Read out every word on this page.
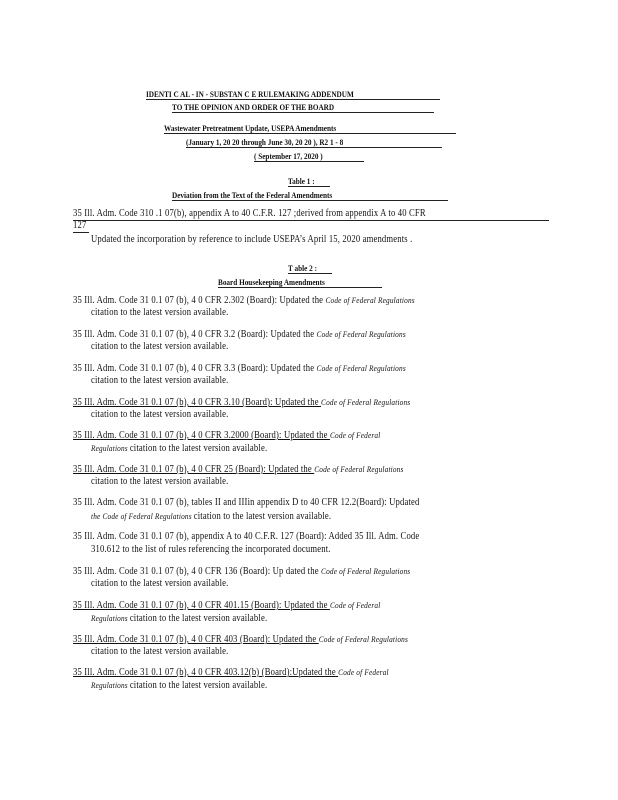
IDENTI C AL - IN - SUBSTAN C E RULEMAKING ADDENDUM
TO THE OPINION AND ORDER OF THE BOARD
Wastewater Pretreatment Update, USEPA Amendments
(January 1, 20 20 through June 30, 20 20 ), R2 1 - 8
( September 17, 2020 )
Table 1 :
Deviation from the Text of the Federal Amendments
35 Ill. Adm. Code 310 .1 07(b), appendix A to 40 C.F.R. 127 ;derived from appendix A to 40 CFR
127
Updated the incorporation by reference to include USEPA’s April 15, 2020 amendments .
T able 2 :
Board Housekeeping Amendments
35 Ill. Adm. Code 31 0.1 07 (b), 4 0 CFR 2.302 (Board): Updated the Code of Federal Regulations
citation to the latest version available.
35 Ill. Adm. Code 31 0.1 07 (b), 4 0 CFR 3.2 (Board): Updated the Code of Federal Regulations
citation to the latest version available.
35 Ill. Adm. Code 31 0.1 07 (b), 4 0 CFR 3.3 (Board): Updated the Code of Federal Regulations
citation to the latest version available.
35 Ill. Adm. Code 31 0.1 07 (b), 4 0 CFR 3.10 (Board): Updated the Code of Federal Regulations
citation to the latest version available.
35 Ill. Adm. Code 31 0.1 07 (b), 4 0 CFR 3.2000 (Board): Updated the Code of Federal
Regulations citation to the latest version available.
35 Ill. Adm. Code 31 0.1 07 (b), 4 0 CFR 25 (Board): Updated the Code of Federal Regulations
citation to the latest version available.
35 Ill. Adm. Code 31 0.1 07 (b), tables II and IIIin appendix D to 40 CFR 12.2(Board): Updated
the Code of Federal Regulations citation to the latest version available.
35 Ill. Adm. Code 31 0.1 07 (b), appendix A to 40 C.F.R. 127 (Board): Added 35 Ill. Adm. Code
310.612 to the list of rules referencing the incorporated document.
35 Ill. Adm. Code 31 0.1 07 (b), 4 0 CFR 136 (Board): Up dated the Code of Federal Regulations
citation to the latest version available.
35 Ill. Adm. Code 31 0.1 07 (b), 4 0 CFR 401.15 (Board): Updated the Code of Federal
Regulations citation to the latest version available.
35 Ill. Adm. Code 31 0.1 07 (b), 4 0 CFR 403 (Board): Updated the Code of Federal Regulations
citation to the latest version available.
35 Ill. Adm. Code 31 0.1 07 (b), 4 0 CFR 403.12(b) (Board):Updated the Code of Federal
Regulations citation to the latest version available.
